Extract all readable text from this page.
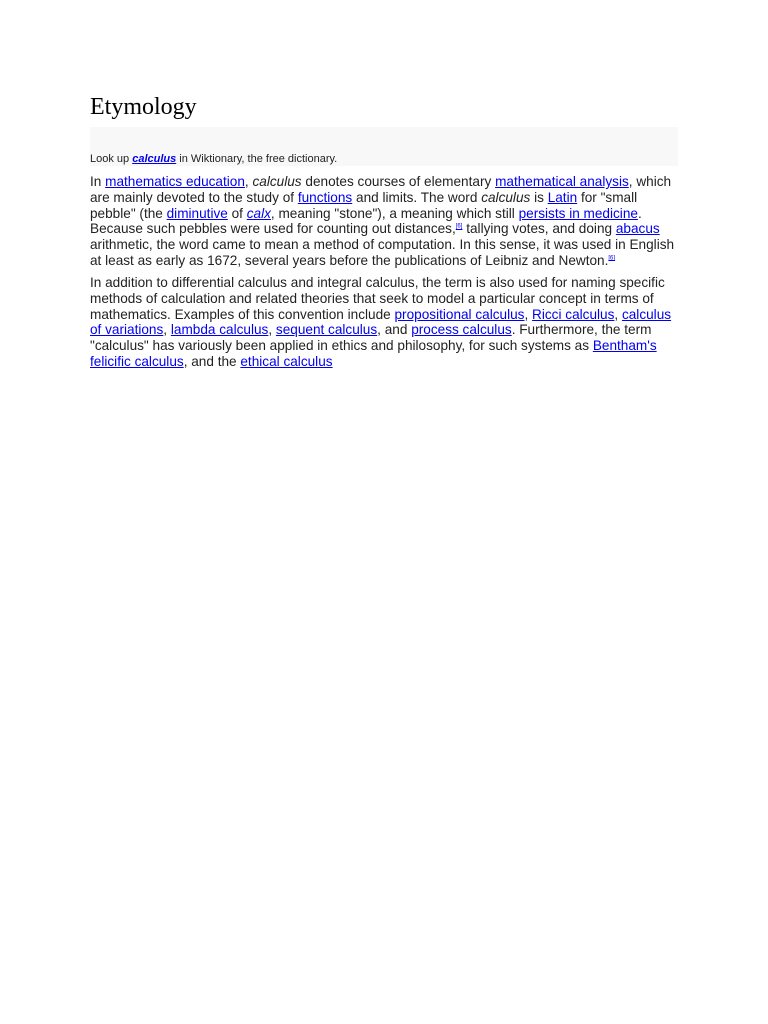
Etymology
Look up calculus in Wiktionary, the free dictionary.

In mathematics education, calculus denotes courses of elementary mathematical analysis, which are mainly devoted to the study of functions and limits. The word calculus is Latin for "small pebble" (the diminutive of calx, meaning "stone"), a meaning which still persists in medicine. Because such pebbles were used for counting out distances,[6] tallying votes, and doing abacus arithmetic, the word came to mean a method of computation. In this sense, it was used in English at least as early as 1672, several years before the publications of Leibniz and Newton.[6]

In addition to differential calculus and integral calculus, the term is also used for naming specific methods of calculation and related theories that seek to model a particular concept in terms of mathematics. Examples of this convention include propositional calculus, Ricci calculus, calculus of variations, lambda calculus, sequent calculus, and process calculus. Furthermore, the term "calculus" has variously been applied in ethics and philosophy, for such systems as Bentham's felicific calculus, and the ethical calculus
